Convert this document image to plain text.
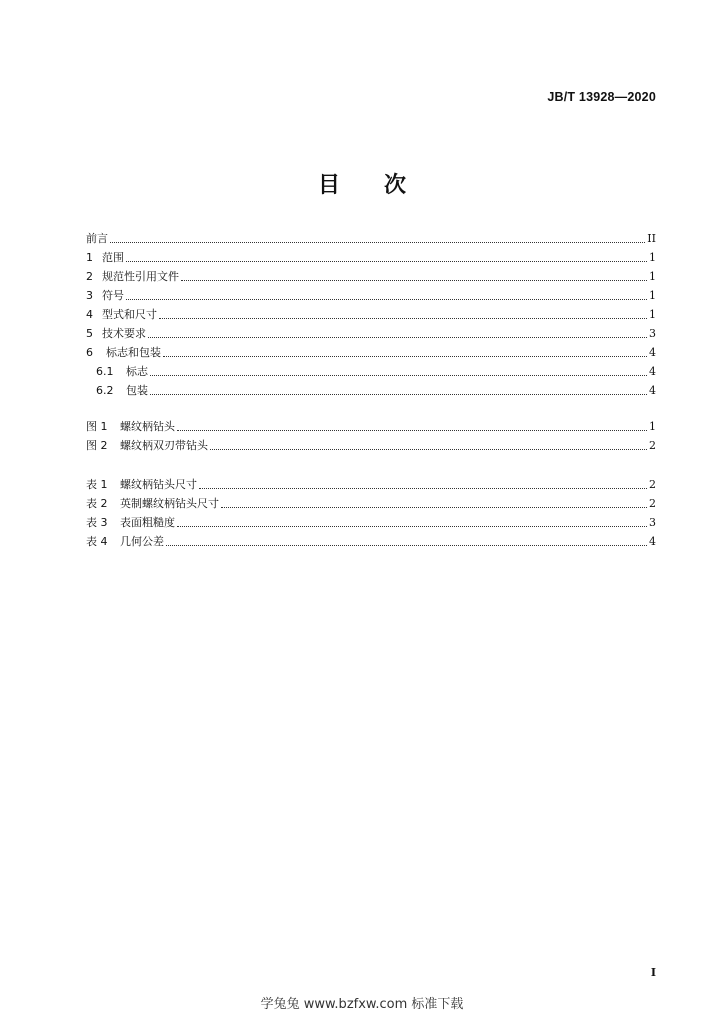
JB/T 13928—2020
目 次
前言	II
1 范围	1
2 规范性引用文件	1
3 符号	1
4 型式和尺寸	1
5 技术要求	3
6	标志和包装	4
6.1	标志	4
6.2	包装	4
图 1	螺纹柄钻头	1
图 2	螺纹柄双刃带钻头	2
表 1	螺纹柄钻头尺寸	2
表 2	英制螺纹柄钻头尺寸	2
表 3	表面粗糙度	3
表 4	几何公差	4
I
学兔兔 www.bzfxw.com 标准下载
